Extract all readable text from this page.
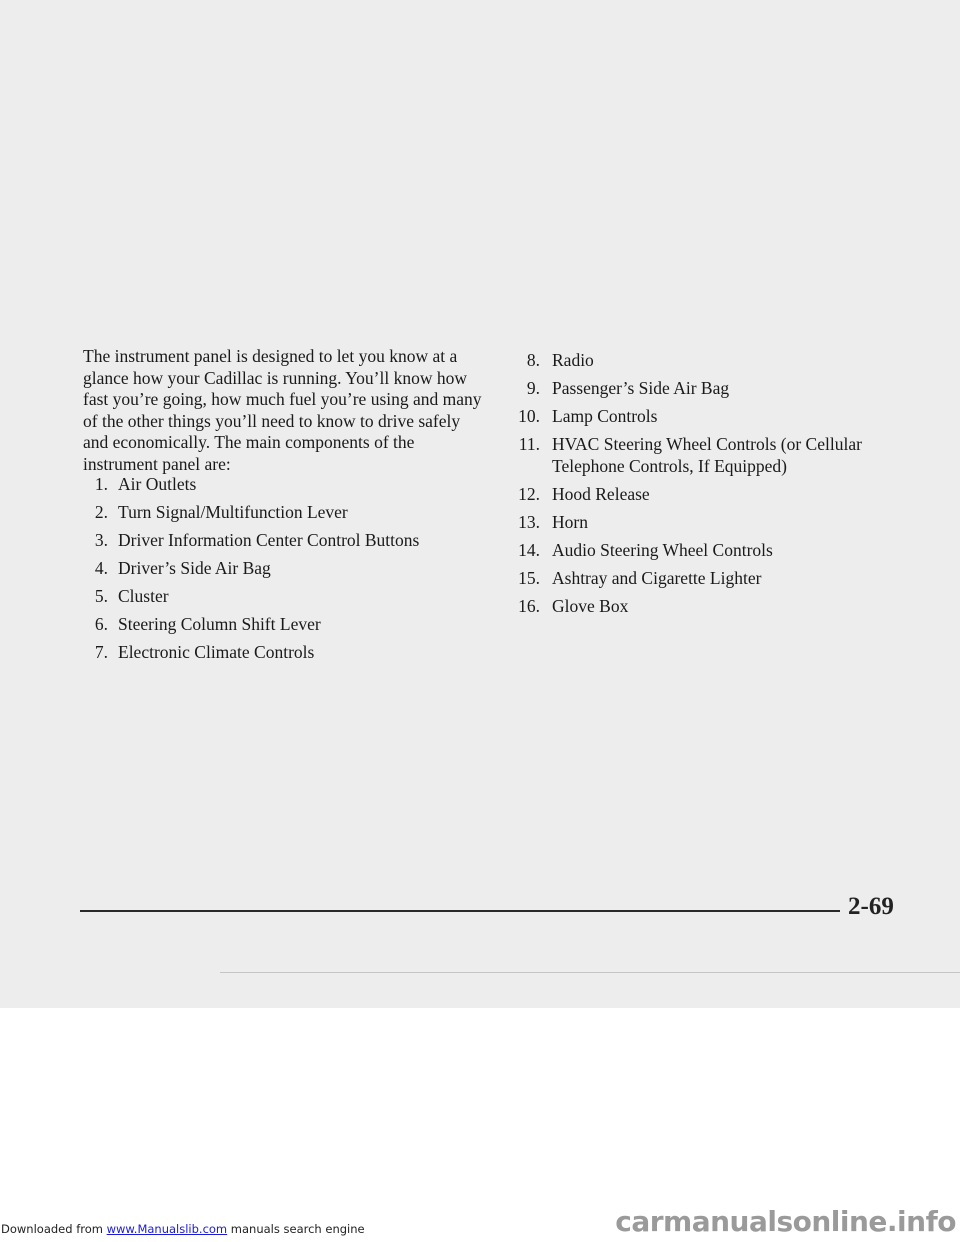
The instrument panel is designed to let you know at a glance how your Cadillac is running. You’ll know how fast you’re going, how much fuel you’re using and many of the other things you’ll need to know to drive safely and economically. The main components of the instrument panel are:

1. Air Outlets
2. Turn Signal/Multifunction Lever
3. Driver Information Center Control Buttons
4. Driver’s Side Air Bag
5. Cluster
6. Steering Column Shift Lever
7. Electronic Climate Controls
8. Radio
9. Passenger’s Side Air Bag
10. Lamp Controls
11. HVAC Steering Wheel Controls (or Cellular Telephone Controls, If Equipped)
12. Hood Release
13. Horn
14. Audio Steering Wheel Controls
15. Ashtray and Cigarette Lighter
16. Glove Box
2-69
Downloaded from www.Manualslib.com manuals search engine	carmanualsonline.info
